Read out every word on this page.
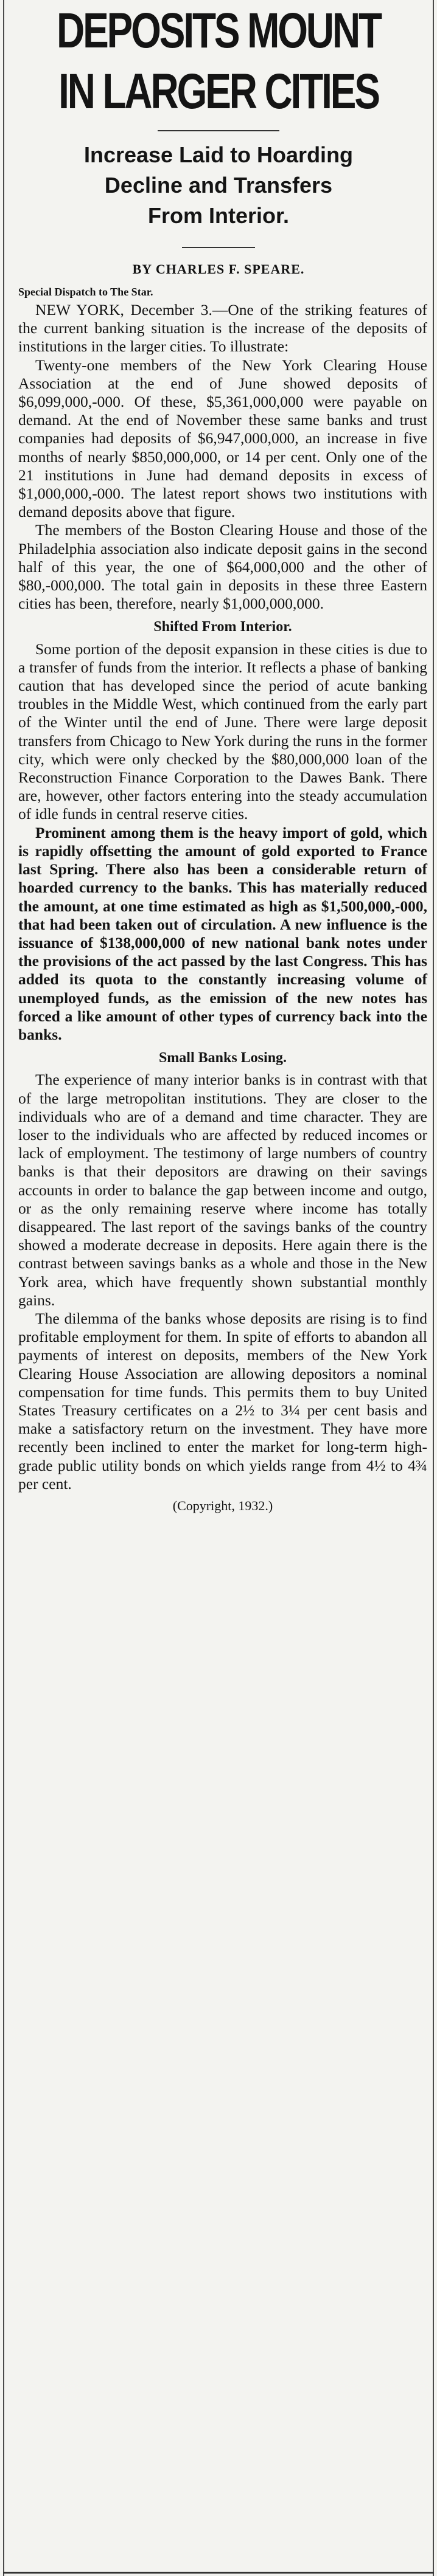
DEPOSITS MOUNT
IN LARGER CITIES
Increase Laid to Hoarding
Decline and Transfers
From Interior.
BY CHARLES F. SPEARE.
Special Dispatch to The Star.

NEW YORK, December 3.—One of the striking features of the current banking situation is the increase of the deposits of institutions in the larger cities. To illustrate:

Twenty-one members of the New York Clearing House Association at the end of June showed deposits of $6,099,000,-000. Of these, $5,361,000,000 were payable on demand. At the end of November these same banks and trust companies had deposits of $6,947,000,000, an increase in five months of nearly $850,000,000, or 14 per cent. Only one of the 21 institutions in June had demand deposits in excess of $1,000,000,-000. The latest report shows two institutions with demand deposits above that figure.

The members of the Boston Clearing House and those of the Philadelphia association also indicate deposit gains in the second half of this year, the one of $64,000,000 and the other of $80,-000,000. The total gain in deposits in these three Eastern cities has been, therefore, nearly $1,000,000,000.

Shifted From Interior.

Some portion of the deposit expansion in these cities is due to a transfer of funds from the interior. It reflects a phase of banking caution that has developed since the period of acute banking troubles in the Middle West, which continued from the early part of the Winter until the end of June. There were large deposit transfers from Chicago to New York during the runs in the former city, which were only checked by the $80,000,000 loan of the Reconstruction Finance Corporation to the Dawes Bank. There are, however, other factors entering into the steady accumulation of idle funds in central reserve cities.

Prominent among them is the heavy import of gold, which is rapidly offsetting the amount of gold exported to France last Spring. There also has been a considerable return of hoarded currency to the banks. This has materially reduced the amount, at one time estimated as high as $1,500,000,-000, that had been taken out of circulation. A new influence is the issuance of $138,000,000 of new national bank notes under the provisions of the act passed by the last Congress. This has added its quota to the constantly increasing volume of unemployed funds, as the emission of the new notes has forced a like amount of other types of currency back into the banks.

Small Banks Losing.

The experience of many interior banks is in contrast with that of the large metropolitan institutions. They are closer to the individuals who are of a demand and time character. They are loser to the individuals who are affected by reduced incomes or lack of employment. The testimony of large numbers of country banks is that their depositors are drawing on their savings accounts in order to balance the gap between income and outgo, or as the only remaining reserve where income has totally disappeared. The last report of the savings banks of the country showed a moderate decrease in deposits. Here again there is the contrast between savings banks as a whole and those in the New York area, which have frequently shown substantial monthly gains.

The dilemma of the banks whose deposits are rising is to find profitable employment for them. In spite of efforts to abandon all payments of interest on deposits, members of the New York Clearing House Association are allowing depositors a nominal compensation for time funds. This permits them to buy United States Treasury certificates on a 2½ to 3¼ per cent basis and make a satisfactory return on the investment. They have more recently been inclined to enter the market for long-term high-grade public utility bonds on which yields range from 4½ to 4¾ per cent.

(Copyright, 1932.)
